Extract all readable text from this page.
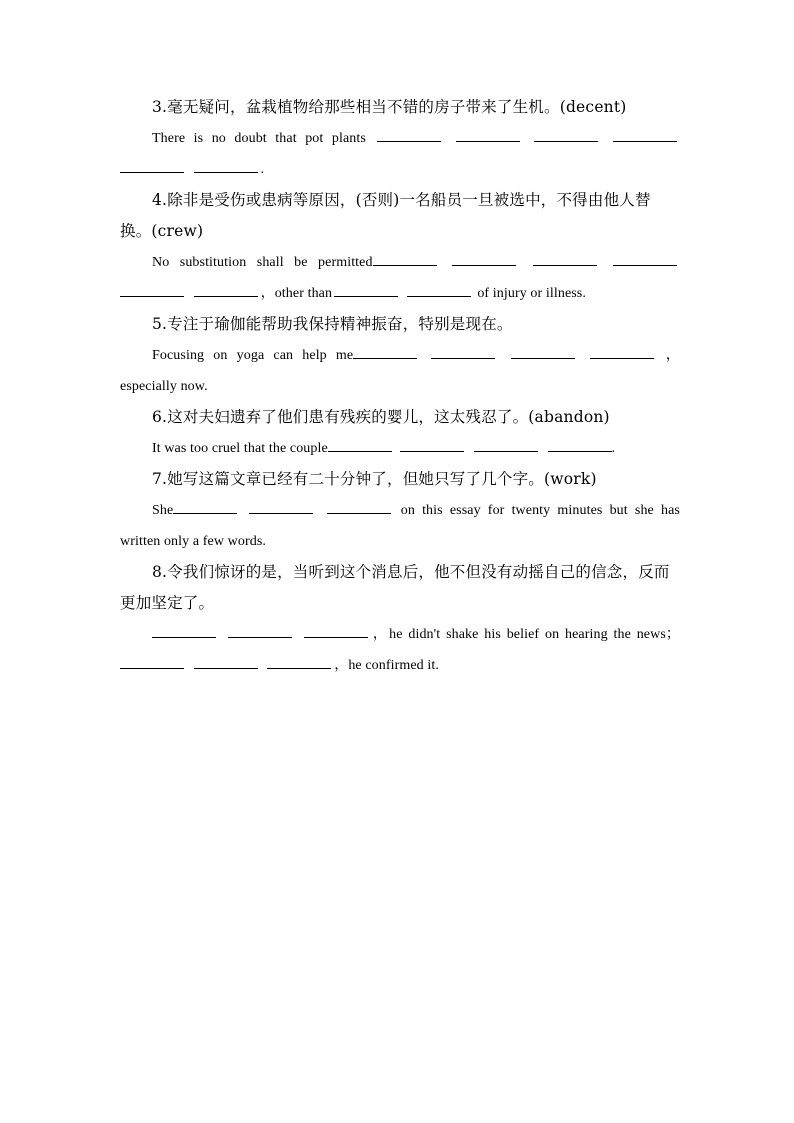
3.毫无疑问，盆栽植物给那些相当不错的房子带来了生机。(decent)
There is no doubt that pot plants
.
4.除非是受伤或患病等原因，(否则)一名船员一旦被选中，不得由他人替
换。(crew)
No substitution shall be permitted
，other than	of injury or illness.
5.专注于瑜伽能帮助我保持精神振奋，特别是现在。
Focusing on yoga can help me	，
especially now.
6.这对夫妇遗弃了他们患有残疾的婴儿，这太残忍了。(abandon)
It was too cruel that the couple	.
7.她写这篇文章已经有二十分钟了，但她只写了几个字。(work)
She	on this essay for twenty minutes but she has
written only a few words.
8.令我们惊讶的是，当听到这个消息后，他不但没有动摇自己的信念，反而
更加坚定了。
，he didn't shake his belief on hearing the news；
，he confirmed it.
